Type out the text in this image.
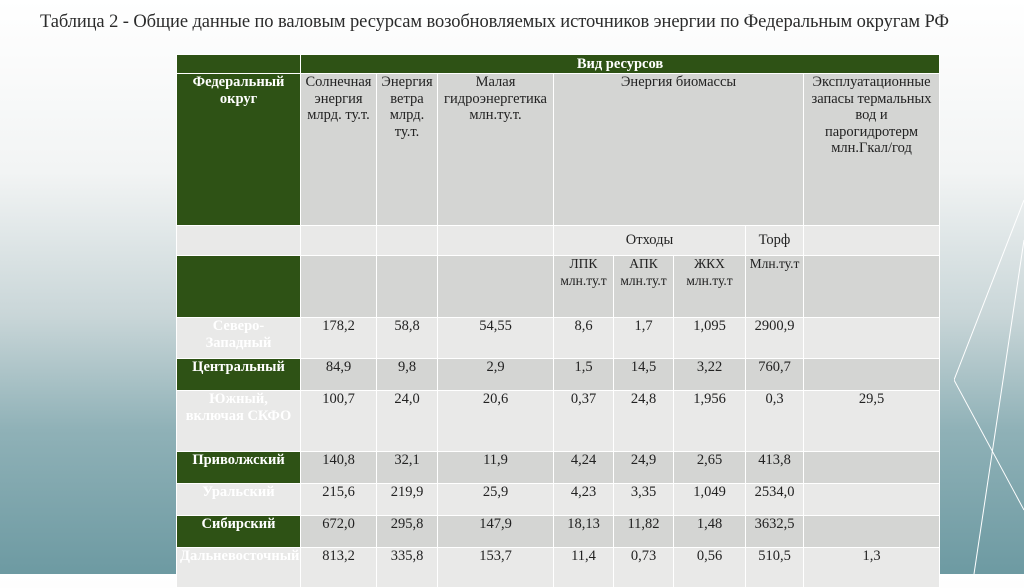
Таблица 2 - Общие данные по валовым ресурсам возобновляемых источников энергии по Федеральным округам РФ
	Вид ресурсов							
Федеральный округ	Солнечная энергия млрд. ту.т.	Энергия ветра млрд. ту.т.	Малая гидроэнергетика млн.ту.т.	Энергия биомассы				Эксплуатационные запасы термальных вод и парогидротерм млн.Гкал/год
				Отходы			Торф	
				ЛПК млн.ту.т	АПК млн.ту.т	ЖКХ млн.ту.т	Млн.ту.т	
Северо-Западный	178,2	58,8	54,55	8,6	1,7	1,095	2900,9	
Центральный	84,9	9,8	2,9	1,5	14,5	3,22	760,7	
Южный, включая СКФО	100,7	24,0	20,6	0,37	24,8	1,956	0,3	29,5
Приволжский	140,8	32,1	11,9	4,24	24,9	2,65	413,8	
Уральский	215,6	219,9	25,9	4,23	3,35	1,049	2534,0	
Сибирский	672,0	295,8	147,9	18,13	11,82	1,48	3632,5	
Дальневосточный	813,2	335,8	153,7	11,4	0,73	0,56	510,5	1,3
